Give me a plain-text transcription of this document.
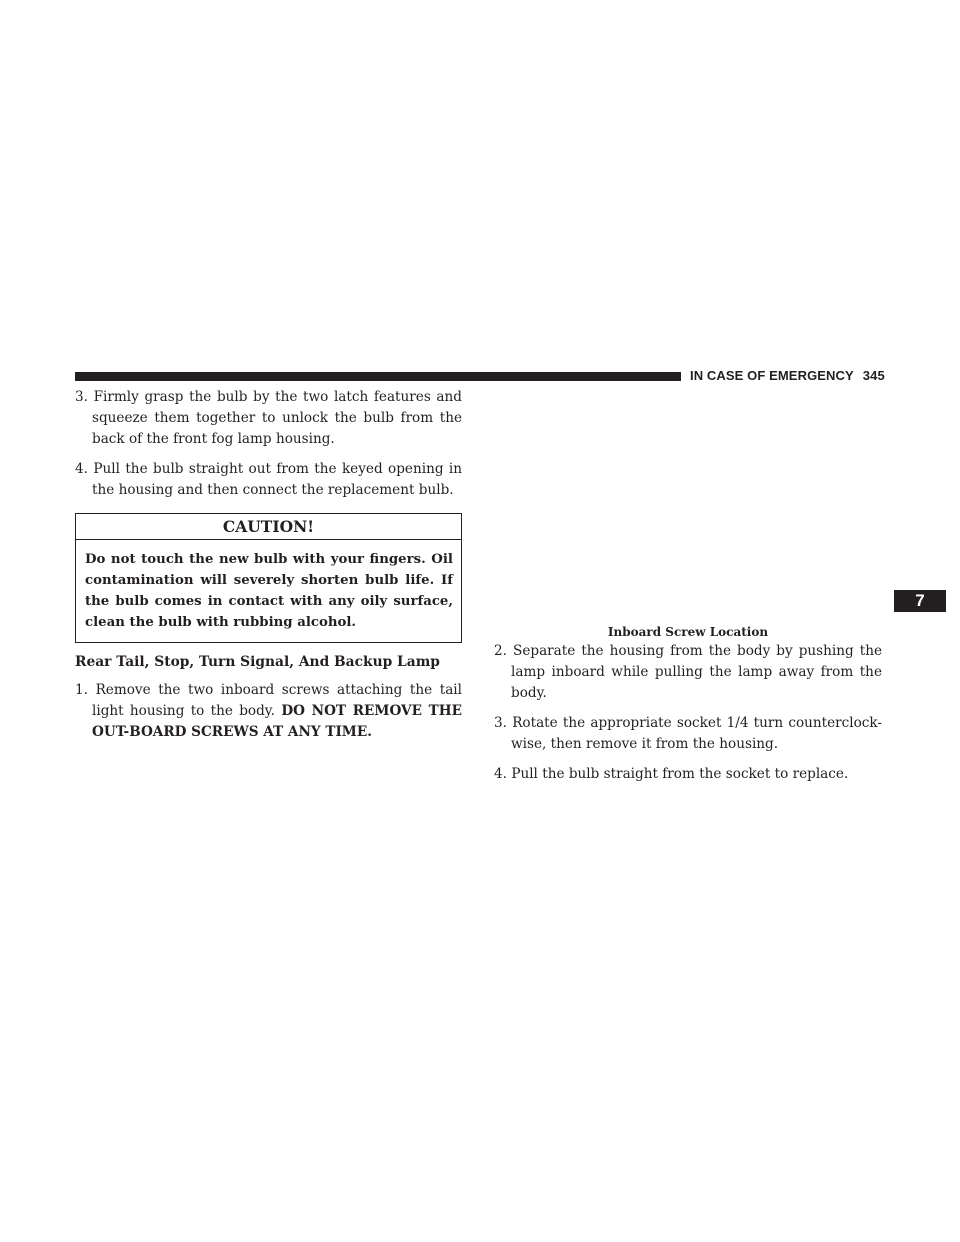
IN CASE OF EMERGENCY 345
7

3. Firmly grasp the bulb by the two latch features and squeeze them together to unlock the bulb from the back of the front fog lamp housing.

4. Pull the bulb straight out from the keyed opening in the housing and then connect the replacement bulb.

CAUTION!
Do not touch the new bulb with your fingers. Oil contamination will severely shorten bulb life. If the bulb comes in contact with any oily surface, clean the bulb with rubbing alcohol.
Rear Tail, Stop, Turn Signal, And Backup Lamp

1. Remove the two inboard screws attaching the tail light housing to the body. DO NOT REMOVE THE OUT-BOARD SCREWS AT ANY TIME.

Inboard Screw Location

2. Separate the housing from the body by pushing the lamp inboard while pulling the lamp away from the body.

3. Rotate the appropriate socket 1/4 turn counterclock-wise, then remove it from the housing.

4. Pull the bulb straight from the socket to replace.
